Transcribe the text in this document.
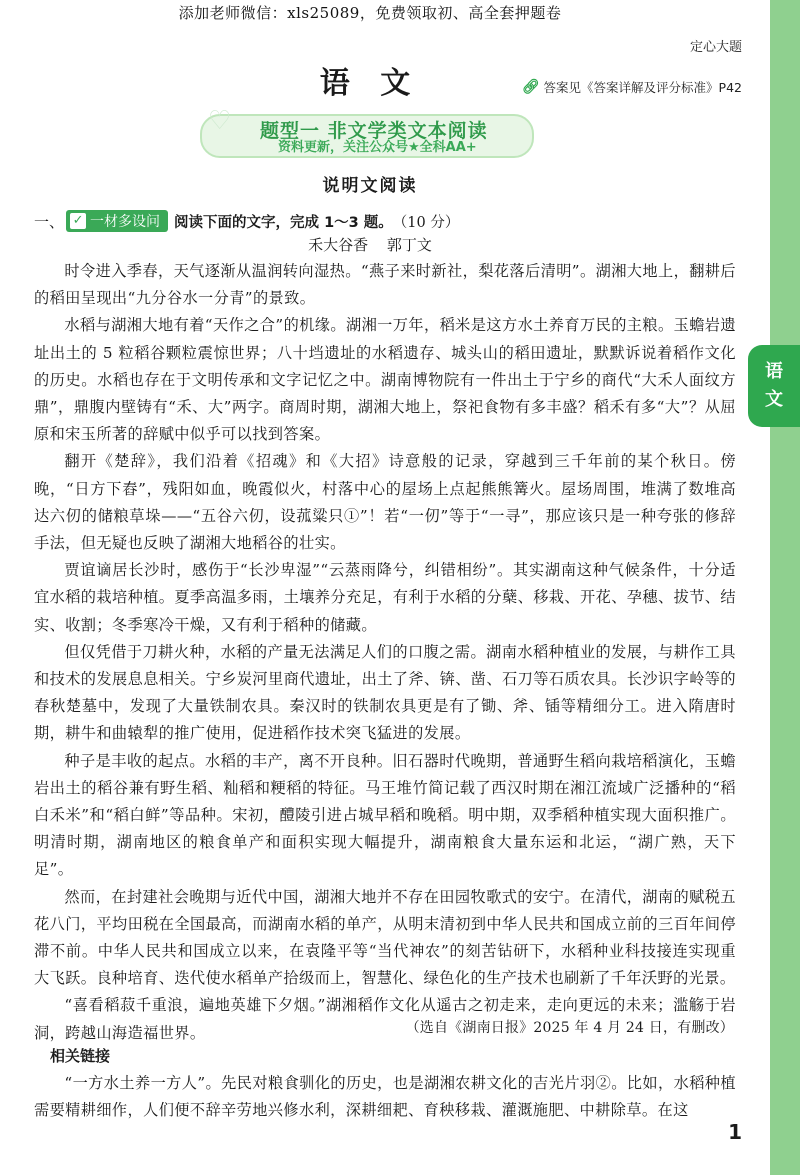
添加老师微信：xls25089，免费领取初、高全套押题卷
语
文
定心大题
语 文	🔗︎ 答案见《答案详解及评分标准》P42
♡ 题型一 非文学类文本阅读
资料更新，关注公众号★全科AA+
说明文阅读
一、 ✓ 一材多设问 阅读下面的文字，完成 1～3 题。 （10 分）
禾大谷香 郭丁文

时令进入季春，天气逐渐从温润转向湿热。“燕子来时新社，梨花落后清明”。湖湘大地上，翻耕后的稻田呈现出“九分谷水一分青”的景致。

水稻与湖湘大地有着“天作之合”的机缘。湖湘一万年，稻米是这方水土养育万民的主粮。玉蟾岩遗址出土的 5 粒稻谷颗粒震惊世界；八十垱遗址的水稻遗存、城头山的稻田遗址，默默诉说着稻作文化的历史。水稻也存在于文明传承和文字记忆之中。湖南博物院有一件出土于宁乡的商代“大禾人面纹方鼎”，鼎腹内壁铸有“禾、大”两字。商周时期，湖湘大地上，祭祀食物有多丰盛？稻禾有多“大”？从屈原和宋玉所著的辞赋中似乎可以找到答案。

翻开《楚辞》，我们沿着《招魂》和《大招》诗意般的记录，穿越到三千年前的某个秋日。傍晚，“日方下舂”，残阳如血，晚霞似火，村落中心的屋场上点起熊熊篝火。屋场周围，堆满了数堆高达六仞的储粮草垛——“五谷六仞，设菰粱只①”！若“一仞”等于“一寻”，那应该只是一种夸张的修辞手法，但无疑也反映了湖湘大地稻谷的壮实。

贾谊谪居长沙时，感伤于“长沙卑湿”“云蒸雨降兮，纠错相纷”。其实湖南这种气候条件，十分适宜水稻的栽培种植。夏季高温多雨，土壤养分充足，有利于水稻的分蘖、移栽、开花、孕穗、拔节、结实、收割；冬季寒冷干燥，又有利于稻种的储藏。

但仅凭借于刀耕火种，水稻的产量无法满足人们的口腹之需。湖南水稻种植业的发展，与耕作工具和技术的发展息息相关。宁乡炭河里商代遗址，出土了斧、锛、凿、石刀等石质农具。长沙识字岭等的春秋楚墓中，发现了大量铁制农具。秦汉时的铁制农具更是有了锄、斧、锸等精细分工。进入隋唐时期，耕牛和曲辕犁的推广使用，促进稻作技术突飞猛进的发展。

种子是丰收的起点。水稻的丰产，离不开良种。旧石器时代晚期，普通野生稻向栽培稻演化，玉蟾岩出土的稻谷兼有野生稻、籼稻和粳稻的特征。马王堆竹简记载了西汉时期在湘江流域广泛播种的“稻白禾米”和“稻白鲜”等品种。宋初，醴陵引进占城早稻和晚稻。明中期，双季稻种植实现大面积推广。明清时期，湖南地区的粮食单产和面积实现大幅提升，湖南粮食大量东运和北运，“湖广熟，天下足”。

然而，在封建社会晚期与近代中国，湖湘大地并不存在田园牧歌式的安宁。在清代，湖南的赋税五花八门，平均田税在全国最高，而湖南水稻的单产，从明末清初到中华人民共和国成立前的三百年间停滞不前。中华人民共和国成立以来，在袁隆平等“当代神农”的刻苦钻研下，水稻种业科技接连实现重大飞跃。良种培育、迭代使水稻单产拾级而上，智慧化、绿色化的生产技术也刷新了千年沃野的光景。

“喜看稻菽千重浪，遍地英雄下夕烟。”湖湘稻作文化从遥古之初走来，走向更远的未来；滥觞于岩洞，跨越山海造福世界。	（选自《湖南日报》2025 年 4 月 24 日，有删改）
相关链接

“一方水土养一方人”。先民对粮食驯化的历史，也是湖湘农耕文化的吉光片羽②。比如，水稻种植需要精耕细作，人们便不辞辛劳地兴修水利，深耕细耙、育秧移栽、灌溉施肥、中耕除草。在这

1
